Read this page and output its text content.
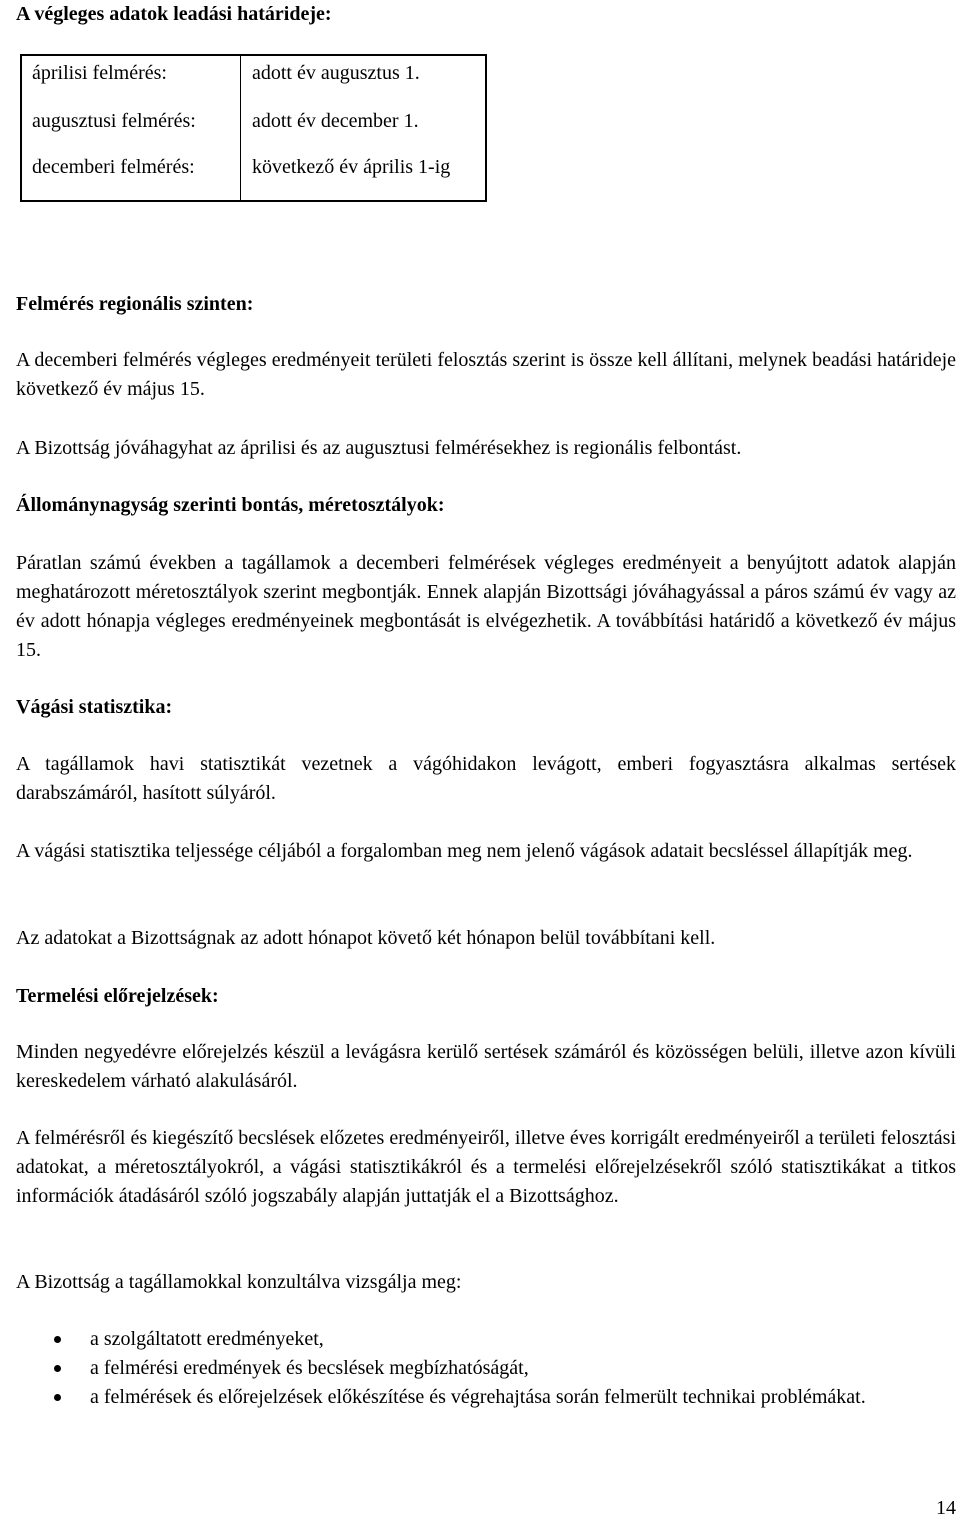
A végleges adatok leadási határideje:
áprilisi felmérés:	adott év augusztus 1.
augusztusi felmérés:	adott év december 1.
decemberi felmérés:	következő év április 1-ig
Felmérés regionális szinten:

A decemberi felmérés végleges eredményeit területi felosztás szerint is össze kell állítani, melynek beadási határideje következő év május 15.

A Bizottság jóváhagyhat az áprilisi és az augusztusi felmérésekhez is regionális felbontást.

Állománynagyság szerinti bontás, méretosztályok:

Páratlan számú években a tagállamok a decemberi felmérések végleges eredményeit a benyújtott adatok alapján meghatározott méretosztályok szerint megbontják. Ennek alapján Bizottsági jóváhagyással a páros számú év vagy az év adott hónapja végleges eredményeinek megbontását is elvégezhetik. A továbbítási határidő a következő év május 15.

Vágási statisztika:

A tagállamok havi statisztikát vezetnek a vágóhidakon levágott, emberi fogyasztásra alkalmas sertések darabszámáról, hasított súlyáról.

A vágási statisztika teljessége céljából a forgalomban meg nem jelenő vágások adatait becsléssel állapítják meg.

Az adatokat a Bizottságnak az adott hónapot követő két hónapon belül továbbítani kell.

Termelési előrejelzések:

Minden negyedévre előrejelzés készül a levágásra kerülő sertések számáról és közösségen belüli, illetve azon kívüli kereskedelem várható alakulásáról.

A felmérésről és kiegészítő becslések előzetes eredményeiről, illetve éves korrigált eredményeiről a területi felosztási adatokat, a méretosztályokról, a vágási statisztikákról és a termelési előrejelzésekről szóló statisztikákat a titkos információk átadásáról szóló jogszabály alapján juttatják el a Bizottsághoz.

A Bizottság a tagállamokkal konzultálva vizsgálja meg:

a szolgáltatott eredményeket,
a felmérési eredmények és becslések megbízhatóságát,
a felmérések és előrejelzések előkészítése és végrehajtása során felmerült technikai problémákat.
14
